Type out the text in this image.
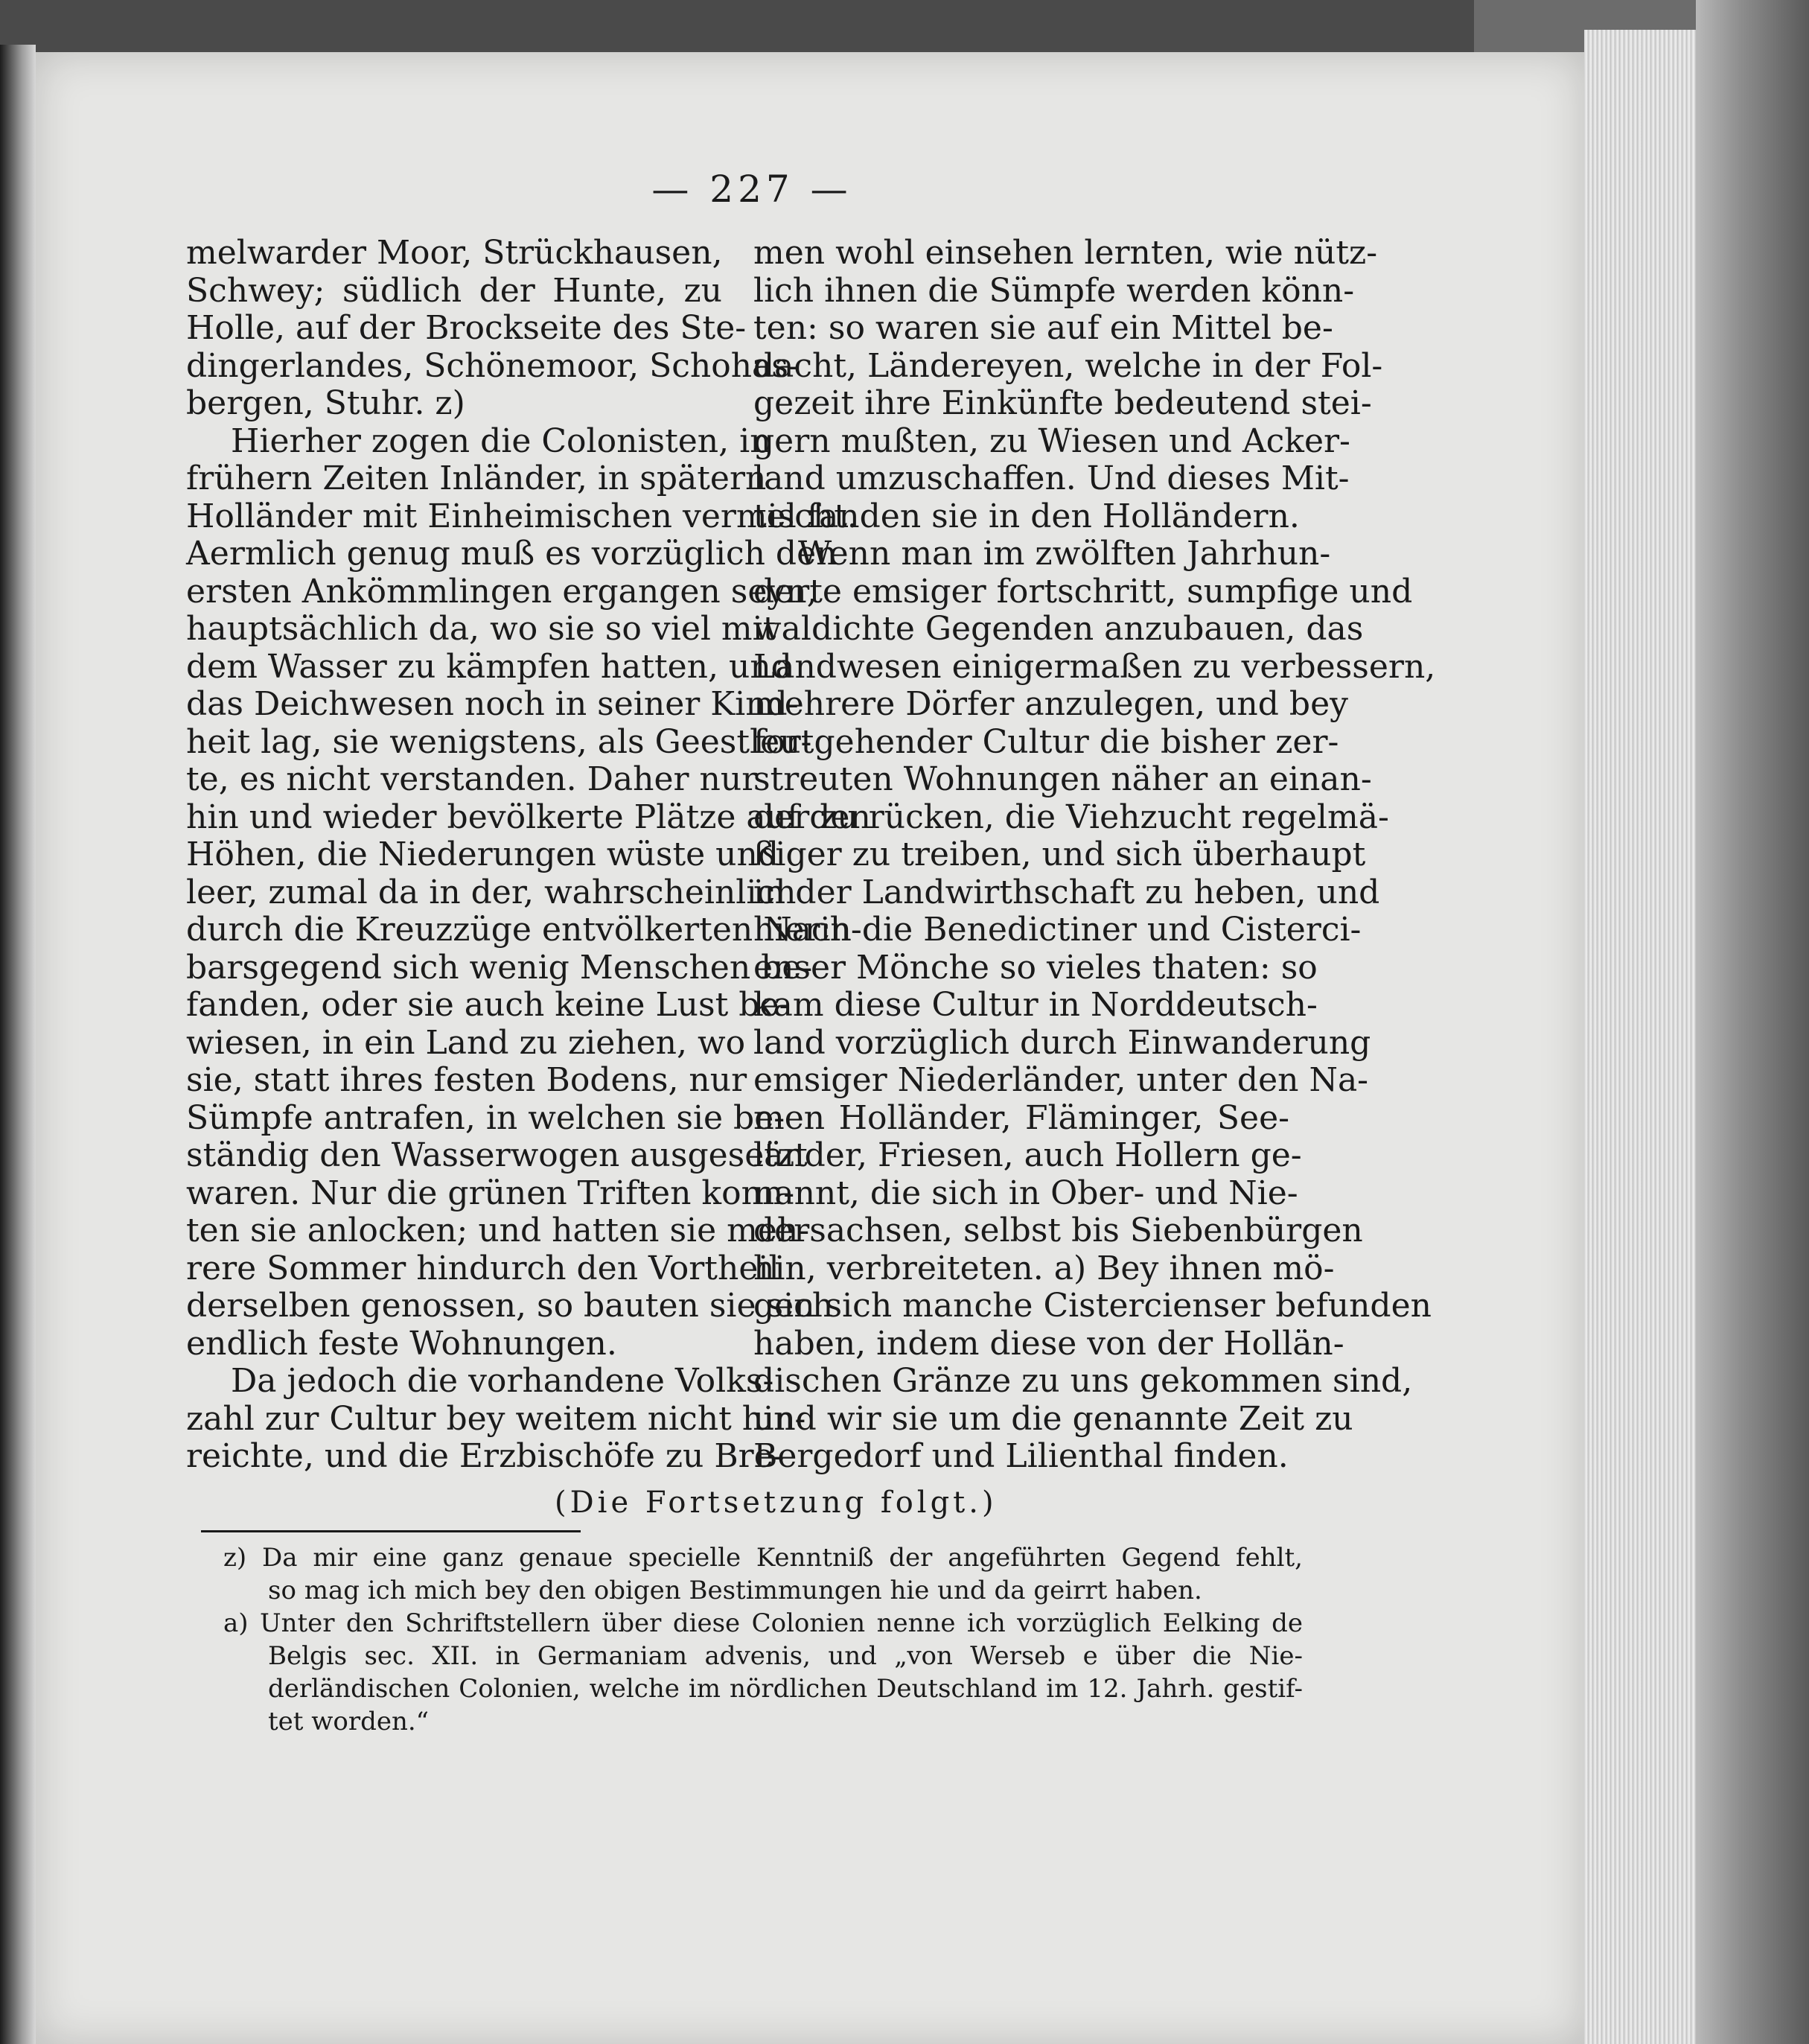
— 227 —

melwarder Moor, Strückhausen,

Schwey; südlich der Hunte, zu

Holle, auf der Brockseite des Ste-

dingerlandes, Schönemoor, Schohas-

bergen, Stuhr. z)

Hierher zogen die Colonisten, in

frühern Zeiten Inländer, in spätern

Holländer mit Einheimischen vermischt.

Aermlich genug muß es vorzüglich den

ersten Ankömmlingen ergangen seyn,

hauptsächlich da, wo sie so viel mit

dem Wasser zu kämpfen hatten, und

das Deichwesen noch in seiner Kind-

heit lag, sie wenigstens, als Geestleu-

te, es nicht verstanden. Daher nur

hin und wieder bevölkerte Plätze auf den

Höhen, die Niederungen wüste und

leer, zumal da in der, wahrscheinlich

durch die Kreuzzüge entvölkerten Nach-

barsgegend sich wenig Menschen be-

fanden, oder sie auch keine Lust be-

wiesen, in ein Land zu ziehen, wo

sie, statt ihres festen Bodens, nur

Sümpfe antrafen, in welchen sie be-

ständig den Wasserwogen ausgesetzt

waren. Nur die grünen Triften konn-

ten sie anlocken; und hatten sie meh-

rere Sommer hindurch den Vortheil

derselben genossen, so bauten sie sich

endlich feste Wohnungen.

Da jedoch die vorhandene Volks-

zahl zur Cultur bey weitem nicht hin-

reichte, und die Erzbischöfe zu Bre-

men wohl einsehen lernten, wie nütz-

lich ihnen die Sümpfe werden könn-

ten: so waren sie auf ein Mittel be-

dacht, Ländereyen, welche in der Fol-

gezeit ihre Einkünfte bedeutend stei-

gern mußten, zu Wiesen und Acker-

land umzuschaffen. Und dieses Mit-

tel fanden sie in den Holländern.

Wenn man im zwölften Jahrhun-

derte emsiger fortschritt, sumpfige und

waldichte Gegenden anzubauen, das

Landwesen einigermaßen zu verbessern,

mehrere Dörfer anzulegen, und bey

fortgehender Cultur die bisher zer-

streuten Wohnungen näher an einan-

der zu rücken, die Viehzucht regelmä-

ßiger zu treiben, und sich überhaupt

in der Landwirthschaft zu heben, und

hierin die Benedictiner und Cisterci-

enser Mönche so vieles thaten: so

kam diese Cultur in Norddeutsch-

land vorzüglich durch Einwanderung

emsiger Niederländer, unter den Na-

men Holländer, Fläminger, See-

länder, Friesen, auch Hollern ge-

nannt, die sich in Ober- und Nie-

dersachsen, selbst bis Siebenbürgen

hin, verbreiteten. a) Bey ihnen mö-

gen sich manche Cistercienser befunden

haben, indem diese von der Hollän-

dischen Gränze zu uns gekommen sind,

und wir sie um die genannte Zeit zu

Bergedorf und Lilienthal finden.

(Die Fortsetzung folgt.)

z) Da mir eine ganz genaue specielle Kenntniß der angeführten Gegend fehlt,

so mag ich mich bey den obigen Bestimmungen hie und da geirrt haben.

a) Unter den Schriftstellern über diese Colonien nenne ich vorzüglich Eelking de

Belgis sec. XII. in Germaniam advenis, und „von Werseb e über die Nie-

derländischen Colonien, welche im nördlichen Deutschland im 12. Jahrh. gestif-

tet worden.“
